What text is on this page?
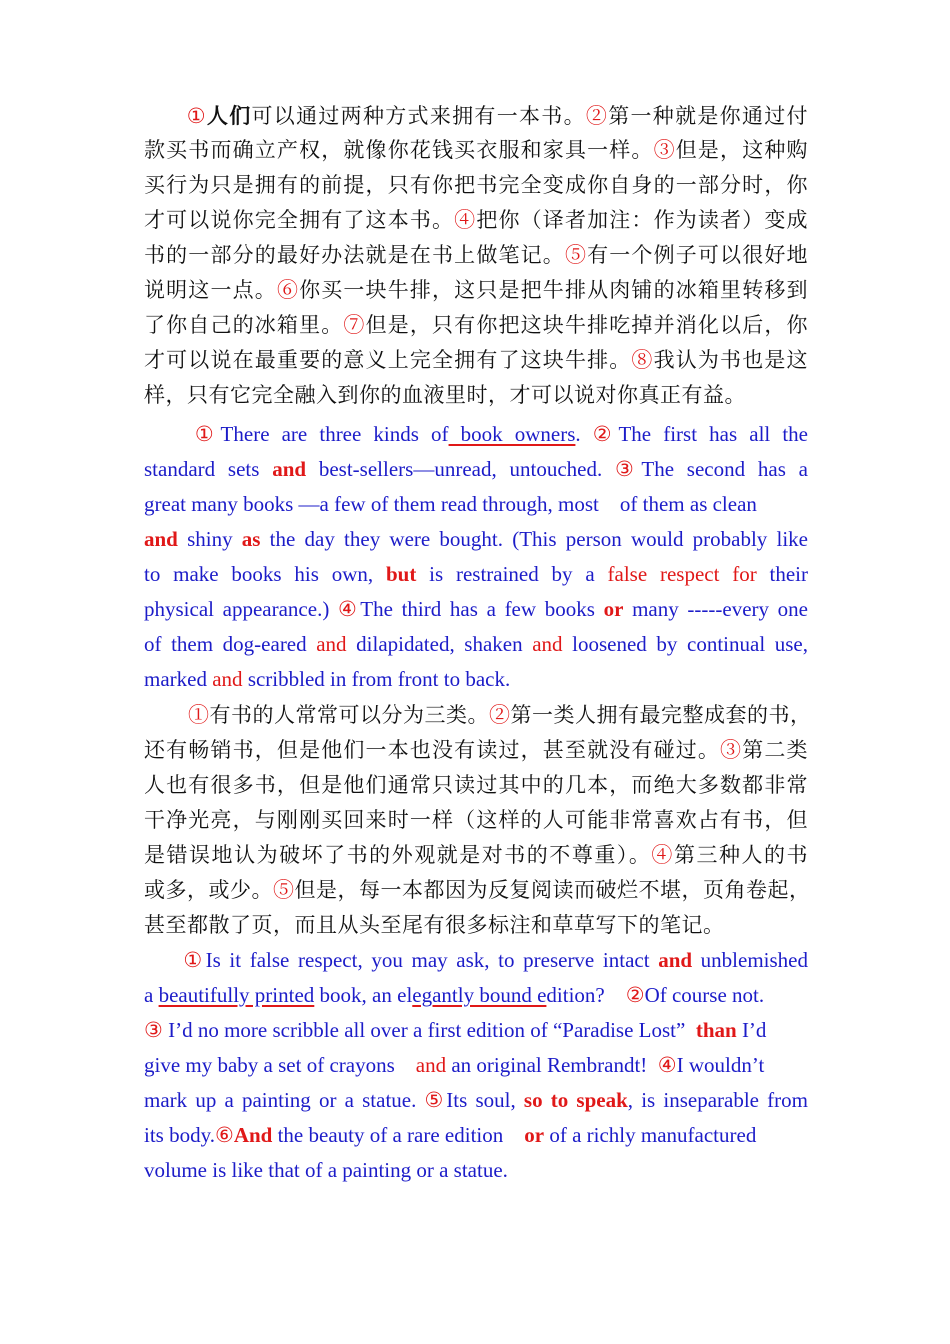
①人们可以通过两种方式来拥有一本书。②第一种就是你通过付
款买书而确立产权，就像你花钱买衣服和家具一样。③但是，这种购
买行为只是拥有的前提，只有你把书完全变成你自身的一部分时，你
才可以说你完全拥有了这本书。④把你（译者加注：作为读者）变成
书的一部分的最好办法就是在书上做笔记。⑤有一个例子可以很好地
说明这一点。⑥你买一块牛排，这只是把牛排从肉铺的冰箱里转移到
了你自己的冰箱里。⑦但是，只有你把这块牛排吃掉并消化以后，你
才可以说在最重要的意义上完全拥有了这块牛排。⑧我认为书也是这
样，只有它完全融入到你的血液里时，才可以说对你真正有益。
①There are three kinds of book owners. ②The first has all the
standard sets and best-sellers—unread, untouched. ③The second has a
great many books —a few of them read through, most    of them as clean
and shiny as the day they were bought. (This person would probably like
to make books his own, but is restrained by a false respect for their
physical appearance.) ④The third has a few books or many -----every one
of them dog-eared and dilapidated, shaken and loosened by continual use,
marked and scribbled in from front to back.
①有书的人常常可以分为三类。②第一类人拥有最完整成套的书，
还有畅销书，但是他们一本也没有读过，甚至就没有碰过。③第二类
人也有很多书，但是他们通常只读过其中的几本，而绝大多数都非常
干净光亮，与刚刚买回来时一样（这样的人可能非常喜欢占有书，但
是错误地认为破坏了书的外观就是对书的不尊重）。④第三种人的书
或多，或少。⑤但是，每一本都因为反复阅读而破烂不堪，页角卷起，
甚至都散了页，而且从头至尾有很多标注和草草写下的笔记。
①Is it false respect, you may ask, to preserve intact and unblemished
a beautifully printed book, an elegantly bound edition?    ②Of course not.
③ I’d no more scribble all over a first edition of “Paradise Lost”  than I’d
give my baby a set of crayons    and an original Rembrandt!  ④I wouldn’t
mark up a painting or a statue. ⑤Its soul, so to speak, is inseparable from
its body.⑥And the beauty of a rare edition    or of a richly manufactured
volume is like that of a painting or a statue.
